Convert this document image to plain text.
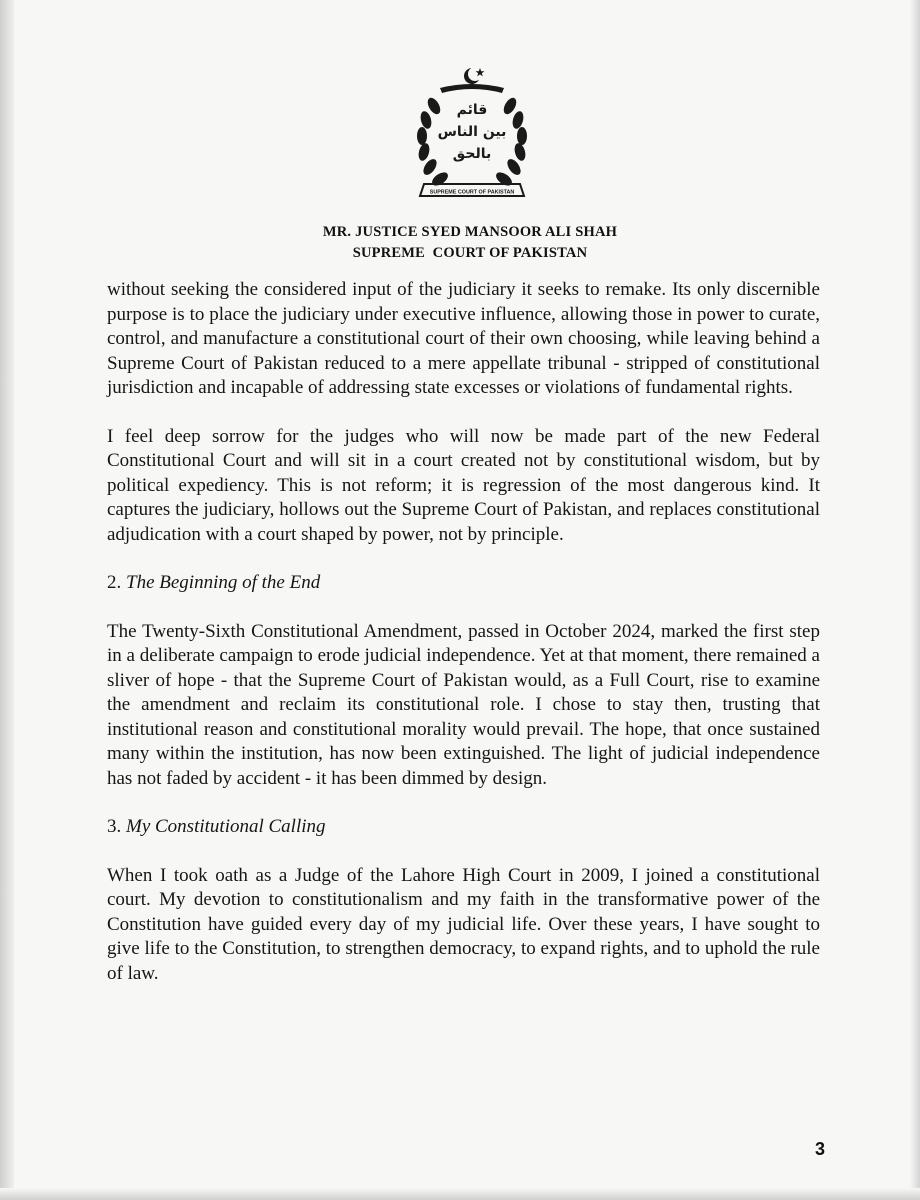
قائم
بین الناس
بالحق
SUPREME COURT OF PAKISTAN
MR. JUSTICE SYED MANSOOR ALI SHAH
SUPREME  COURT OF PAKISTAN

without seeking the considered input of the judiciary it seeks to remake. Its only discernible purpose is to place the judiciary under executive influence, allowing those in power to curate, control, and manufacture a constitutional court of their own choosing, while leaving behind a Supreme Court of Pakistan reduced to a mere appellate tribunal - stripped of constitutional jurisdiction and incapable of addressing state excesses or violations of fundamental rights.

I feel deep sorrow for the judges who will now be made part of the new Federal Constitutional Court and will sit in a court created not by constitutional wisdom, but by political expediency. This is not reform; it is regression of the most dangerous kind. It captures the judiciary, hollows out the Supreme Court of Pakistan, and replaces constitutional adjudication with a court shaped by power, not by principle.

2. The Beginning of the End

The Twenty-Sixth Constitutional Amendment, passed in October 2024, marked the first step in a deliberate campaign to erode judicial independence. Yet at that moment, there remained a sliver of hope - that the Supreme Court of Pakistan would, as a Full Court, rise to examine the amendment and reclaim its constitutional role. I chose to stay then, trusting that institutional reason and constitutional morality would prevail. The hope, that once sustained many within the institution, has now been extinguished. The light of judicial independence has not faded by accident - it has been dimmed by design.

3. My Constitutional Calling

When I took oath as a Judge of the Lahore High Court in 2009, I joined a constitutional court. My devotion to constitutionalism and my faith in the transformative power of the Constitution have guided every day of my judicial life. Over these years, I have sought to give life to the Constitution, to strengthen democracy, to expand rights, and to uphold the rule of law.

3
